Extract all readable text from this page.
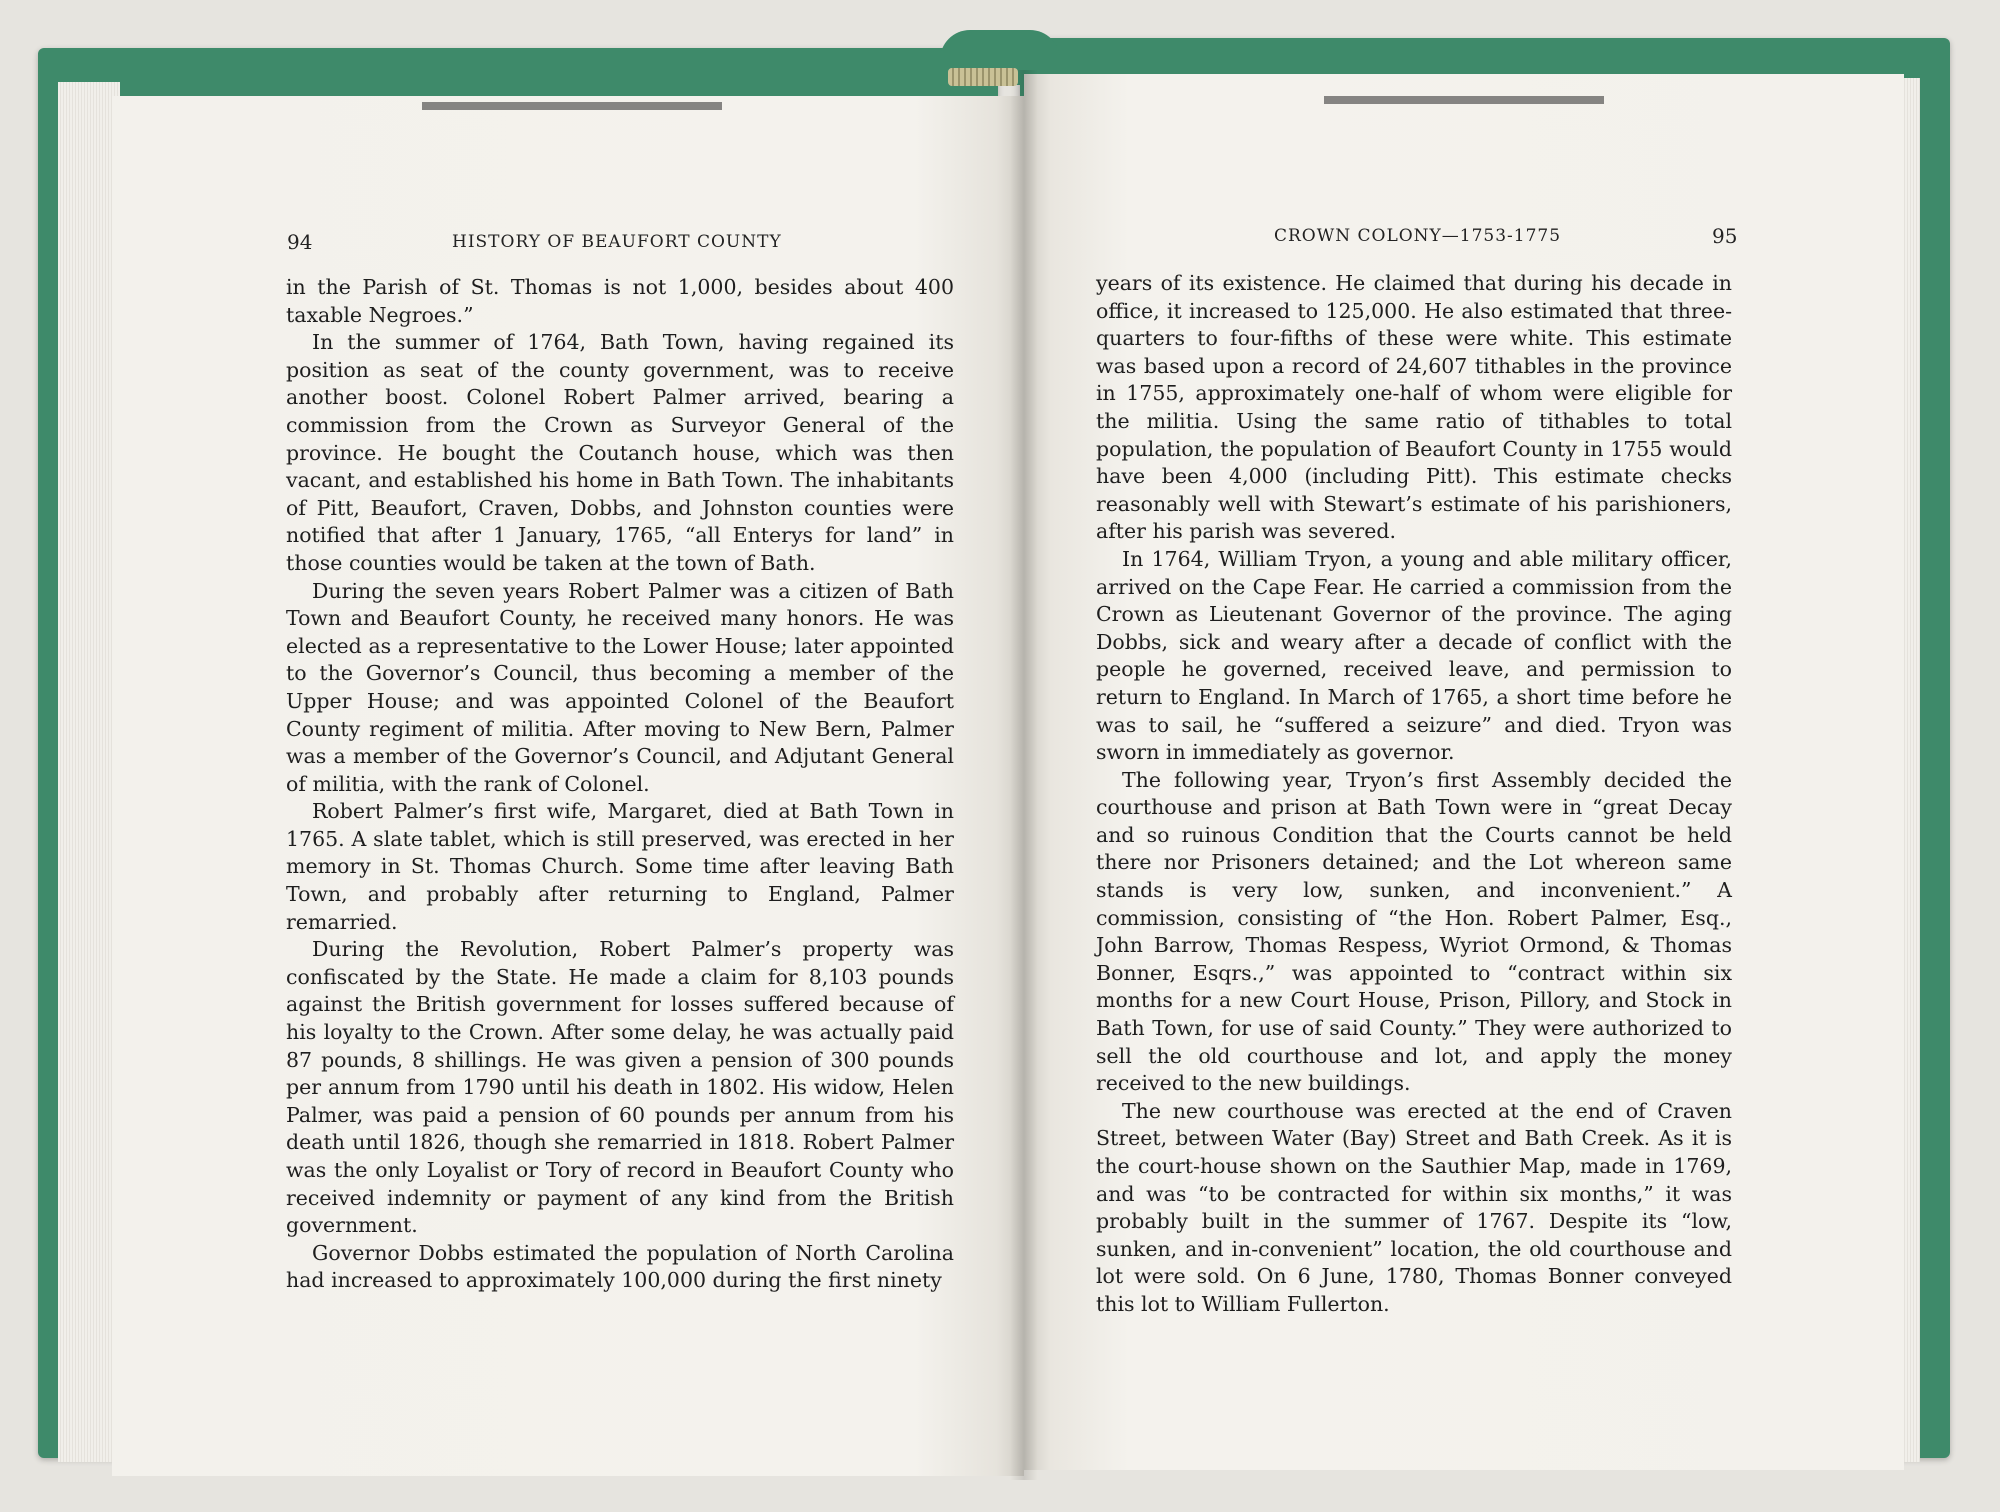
94	HISTORY OF BEAUFORT COUNTY

in the Parish of St. Thomas is not 1,000, besides about 400 taxable Negroes.”

In the summer of 1764, Bath Town, having regained its position as seat of the county government, was to receive another boost. Colonel Robert Palmer arrived, bearing a commission from the Crown as Surveyor General of the province. He bought the Coutanch house, which was then vacant, and established his home in Bath Town. The inhabitants of Pitt, Beaufort, Craven, Dobbs, and Johnston counties were notified that after 1 January, 1765, “all Enterys for land” in those counties would be taken at the town of Bath.

During the seven years Robert Palmer was a citizen of Bath Town and Beaufort County, he received many honors. He was elected as a representative to the Lower House; later appointed to the Governor’s Council, thus becoming a member of the Upper House; and was appointed Colonel of the Beaufort County regiment of militia. After moving to New Bern, Palmer was a member of the Governor’s Council, and Adjutant General of militia, with the rank of Colonel.

Robert Palmer’s first wife, Margaret, died at Bath Town in 1765. A slate tablet, which is still preserved, was erected in her memory in St. Thomas Church. Some time after leaving Bath Town, and probably after returning to England, Palmer remarried.

During the Revolution, Robert Palmer’s property was confiscated by the State. He made a claim for 8,103 pounds against the British government for losses suffered because of his loyalty to the Crown. After some delay, he was actually paid 87 pounds, 8 shillings. He was given a pension of 300 pounds per annum from 1790 until his death in 1802. His widow, Helen Palmer, was paid a pension of 60 pounds per annum from his death until 1826, though she remarried in 1818. Robert Palmer was the only Loyalist or Tory of record in Beaufort County who received indemnity or payment of any kind from the British government.

Governor Dobbs estimated the population of North Carolina had increased to approximately 100,000 during the first ninety

CROWN COLONY—1753-1775	95

years of its existence. He claimed that during his decade in office, it increased to 125,000. He also estimated that three-quarters to four-fifths of these were white. This estimate was based upon a record of 24,607 tithables in the province in 1755, approximately one-half of whom were eligible for the militia. Using the same ratio of tithables to total population, the population of Beaufort County in 1755 would have been 4,000 (including Pitt). This estimate checks reasonably well with Stewart’s estimate of his parishioners, after his parish was severed.

In 1764, William Tryon, a young and able military officer, arrived on the Cape Fear. He carried a commission from the Crown as Lieutenant Governor of the province. The aging Dobbs, sick and weary after a decade of conflict with the people he governed, received leave, and permission to return to England. In March of 1765, a short time before he was to sail, he “suffered a seizure” and died. Tryon was sworn in immediately as governor.

The following year, Tryon’s first Assembly decided the courthouse and prison at Bath Town were in “great Decay and so ruinous Condition that the Courts cannot be held there nor Prisoners detained; and the Lot whereon same stands is very low, sunken, and inconvenient.” A commission, consisting of “the Hon. Robert Palmer, Esq., John Barrow, Thomas Respess, Wyriot Ormond, & Thomas Bonner, Esqrs.,” was appointed to “contract within six months for a new Court House, Prison, Pillory, and Stock in Bath Town, for use of said County.” They were authorized to sell the old courthouse and lot, and apply the money received to the new buildings.

The new courthouse was erected at the end of Craven Street, between Water (Bay) Street and Bath Creek. As it is the court-house shown on the Sauthier Map, made in 1769, and was “to be contracted for within six months,” it was probably built in the summer of 1767. Despite its “low, sunken, and in-convenient” location, the old courthouse and lot were sold. On 6 June, 1780, Thomas Bonner conveyed this lot to William Fullerton.
